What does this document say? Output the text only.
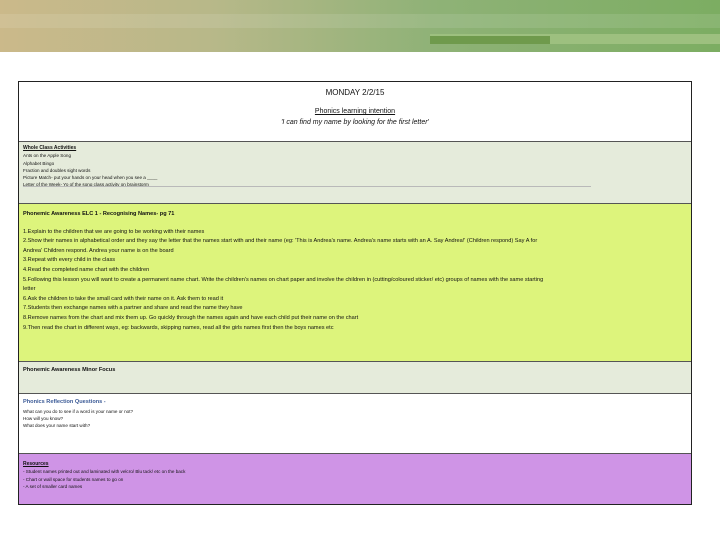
MONDAY 2/2/15
Phonics learning intention
'I can find my name by looking for the first letter'
Whole Class Activities
Ants on the Apple Song
Alphabet Bingo
Fraction and doubles sight words
Picture Match- put your hands on your head when you see a ____
Letter of the Week- Yo of the song class activity on brainstorm
Phonemic Awareness ELC 1 - Recognising Names- pg 71
1.Explain to the children that we are going to be working with their names
2.Show their names in alphabetical order and they say the letter that the names start with and their name (eg: 'This is Andrea's name. Andrea's name starts with an A. Say Andrea!' (Children respond) Say A for
Andrea' Children respond. Andrea your name is on the board
3.Repeat with every child in the class
4.Read the completed name chart with the children
5.Following this lesson you will want to create a permanent name chart. Write the children's names on chart paper and involve the children in (cutting/coloured sticker/ etc) groups of names with the same starting
letter
6.Ask the children to take the small card with their name on it. Ask them to read it
7.Students then exchange names with a partner and share and read the name they have
8.Remove names from the chart and mix them up. Go quickly through the names again and have each child put their name on the chart
9.Then read the chart in different ways, eg: backwards, skipping names, read all the girls names first then the boys names etc
Phonemic Awareness Minor Focus
Phonics Reflection Questions -
What can you do to see if a word is your name or not?
How will you know?
What does your name start with?
Resources
- Student names printed out and laminated with velcro/ Blu tack/ etc on the back
- Chart or wall space for students names to go on
- A set of smaller card names
